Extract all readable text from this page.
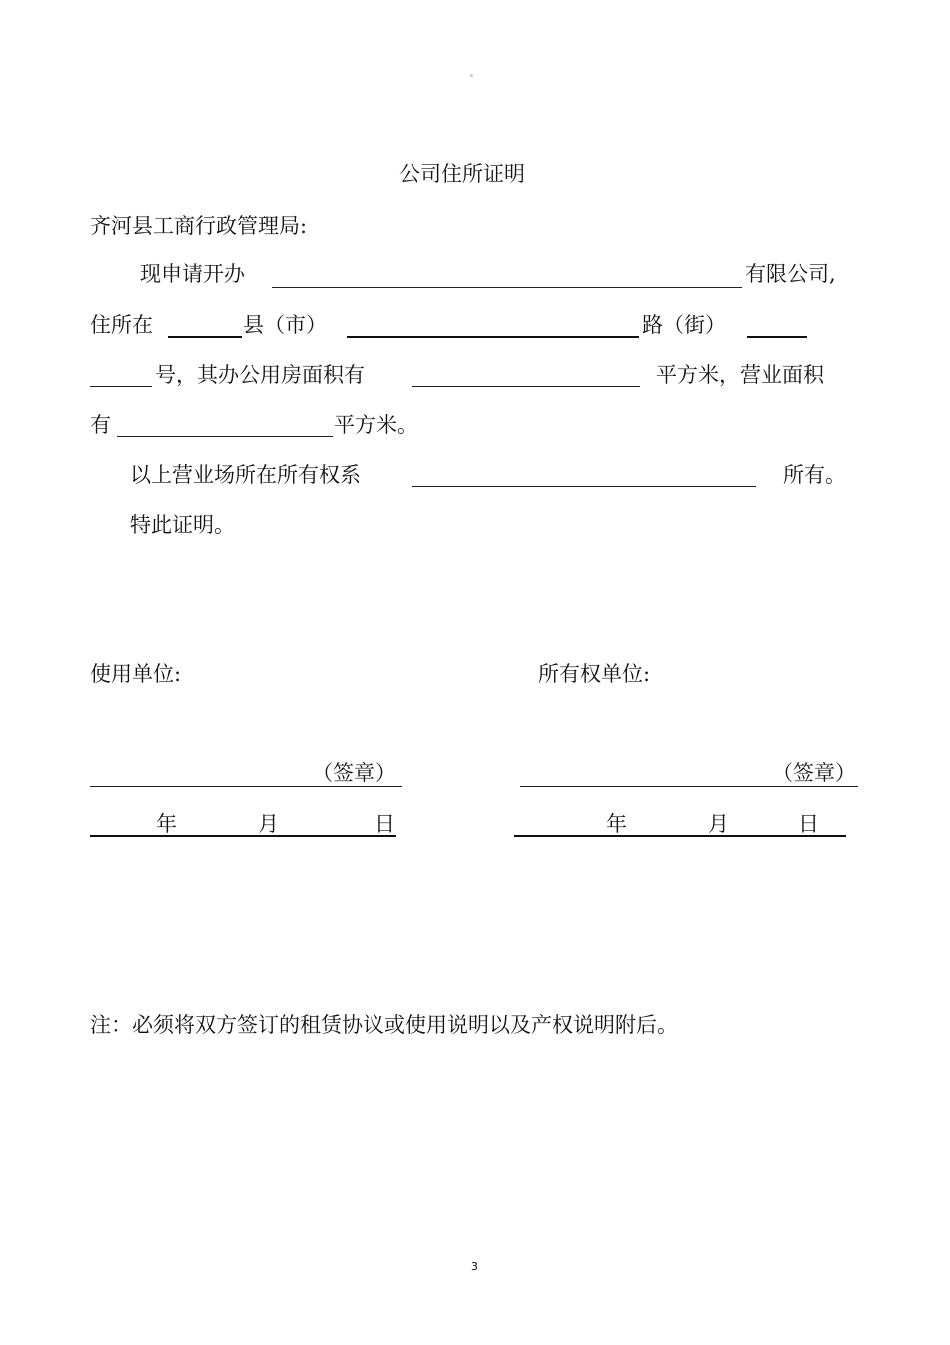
公司住所证明
齐河县工商行政管理局:
现申请开办	有限公司,
住所在	县（市）	路（街）
号，其办公用房面积有	平方米，营业面积
有	平方米。
以上营业场所在所有权系	所有。
特此证明。
使用单位:	所有权单位:
（签章）	（签章）
年	月	日	年	月	日
注：必须将双方签订的租赁协议或使用说明以及产权说明附后。
3
